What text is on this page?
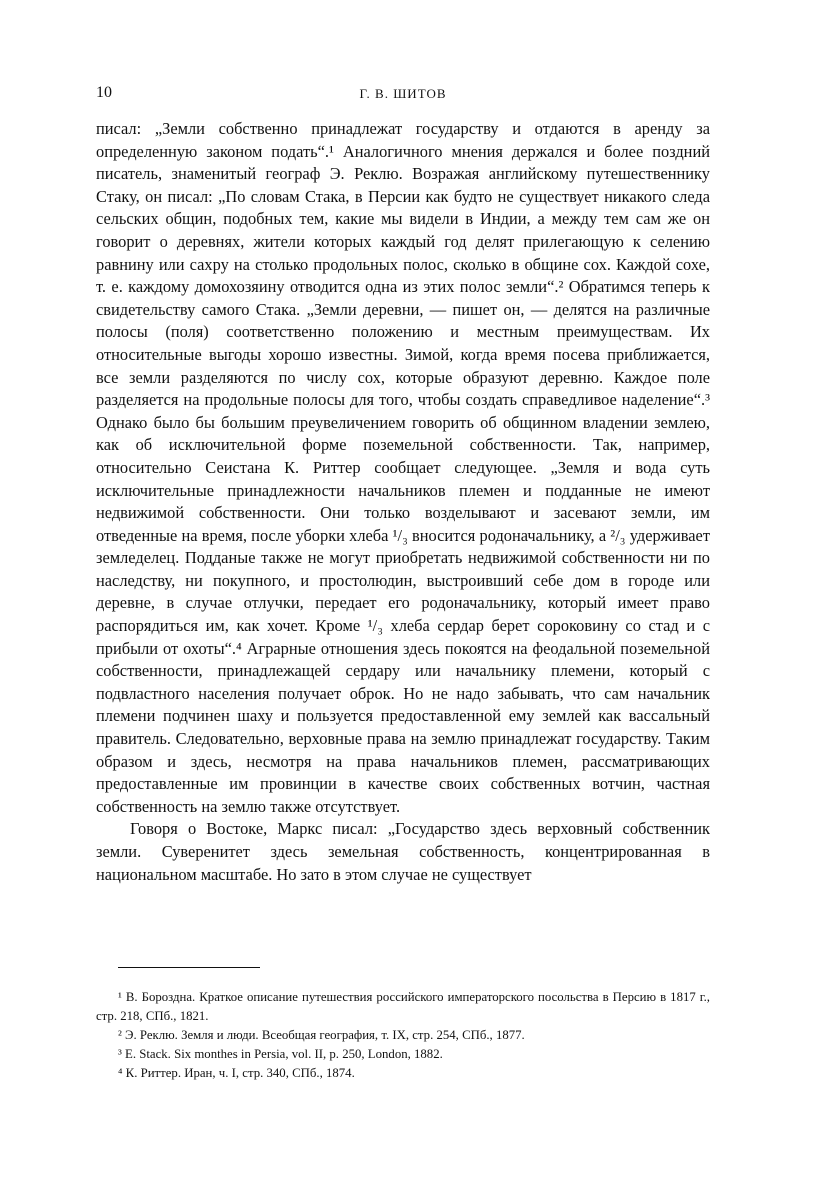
10	Г. В. ШИТОВ

писал: „Земли собственно принадлежат государству и отдаются в аренду за определенную законом подать“.¹ Аналогичного мнения держался и более поздний писатель, знаменитый географ Э. Реклю. Возражая английскому путешественнику Стаку, он писал: „По словам Стака, в Персии как будто не существует никакого следа сельских общин, подобных тем, какие мы видели в Индии, а между тем сам же он говорит о деревнях, жители которых каждый год делят прилегающую к селению равнину или сахру на столько продольных полос, сколько в общине сох. Каждой сохе, т. е. каждому домохозяину отводится одна из этих полос земли“.² Обратимся теперь к свидетельству самого Стака. „Земли деревни, — пишет он, — делятся на различные полосы (поля) соответственно положению и местным преимуществам. Их относительные выгоды хорошо известны. Зимой, когда время посева приближается, все земли разделяются по числу сох, которые образуют деревню. Каждое поле разделяется на продольные полосы для того, чтобы создать справедливое наделение“.³ Однако было бы большим преувеличением говорить об общинном владении землею, как об исключительной форме поземельной собственности. Так, например, относительно Сеистана К. Риттер сообщает следующее. „Земля и вода суть исключительные принадлежности начальников племен и подданные не имеют недвижимой собственности. Они только возделывают и засевают земли, им отведенные на время, после уборки хлеба ¹/₃ вносится родоначальнику, а ²/₃ удерживает земледелец. Подданые также не могут приобретать недвижимой собственности ни по наследству, ни покупного, и простолюдин, выстроивший себе дом в городе или деревне, в случае отлучки, передает его родоначальнику, который имеет право распорядиться им, как хочет. Кроме ¹/₃ хлеба сердар берет сороковину со стад и с прибыли от охоты“.⁴ Аграрные отношения здесь покоятся на феодальной поземельной собственности, принадлежащей сердару или начальнику племени, который с подвластного населения получает оброк. Но не надо забывать, что сам начальник племени подчинен шаху и пользуется предоставленной ему землей как вассальный правитель. Следовательно, верховные права на землю принадлежат государству. Таким образом и здесь, несмотря на права начальников племен, рассматривающих предоставленные им провинции в качестве своих собственных вотчин, частная собственность на землю также отсутствует.

Говоря о Востоке, Маркс писал: „Государство здесь верховный собственник земли. Суверенитет здесь земельная собственность, концентрированная в национальном масштабе. Но зато в этом случае не существует

¹ В. Бороздна. Краткое описание путешествия российского императорского посольства в Персию в 1817 г., стр. 218, СПб., 1821.

² Э. Реклю. Земля и люди. Всеобщая география, т. IX, стр. 254, СПб., 1877.

³ E. Stack. Six monthes in Persia, vol. II, p. 250, London, 1882.

⁴ К. Риттер. Иран, ч. I, стр. 340, СПб., 1874.
